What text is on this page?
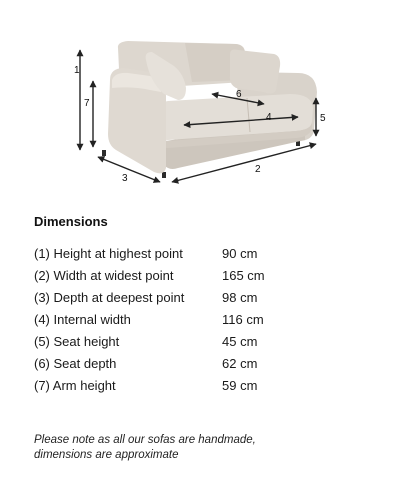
1
2
3
4	5
6
7
Dimensions
(1) Height at highest point	90 cm
(2) Width at widest point	165 cm
(3) Depth at deepest point	98 cm
(4) Internal width	116 cm
(5) Seat height	45 cm
(6) Seat depth	62 cm
(7) Arm height	59 cm

Please note as all our sofas are handmade,
dimensions are approximate
